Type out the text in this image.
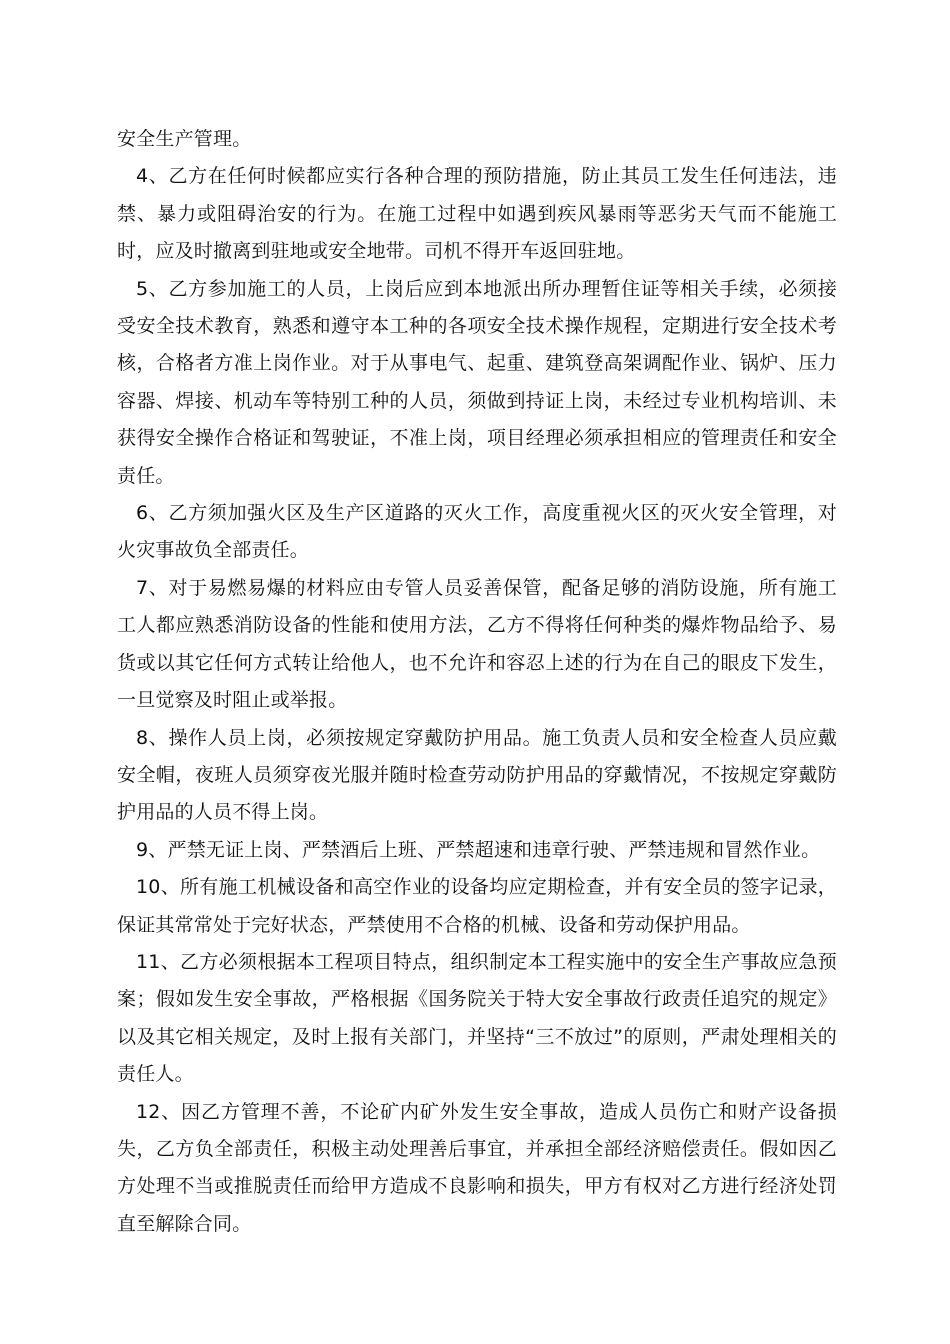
安全生产管理。

4、乙方在任何时候都应实行各种合理的预防措施，防止其员工发生任何违法，违禁、暴力或阻碍治安的行为。在施工过程中如遇到疾风暴雨等恶劣天气而不能施工时，应及时撤离到驻地或安全地带。司机不得开车返回驻地。

5、乙方参加施工的人员，上岗后应到本地派出所办理暂住证等相关手续，必须接受安全技术教育，熟悉和遵守本工种的各项安全技术操作规程，定期进行安全技术考核，合格者方准上岗作业。对于从事电气、起重、建筑登高架调配作业、锅炉、压力容器、焊接、机动车等特别工种的人员，须做到持证上岗，未经过专业机构培训、未获得安全操作合格证和驾驶证，不准上岗，项目经理必须承担相应的管理责任和安全责任。

6、乙方须加强火区及生产区道路的灭火工作，高度重视火区的灭火安全管理，对火灾事故负全部责任。

7、对于易燃易爆的材料应由专管人员妥善保管，配备足够的消防设施，所有施工工人都应熟悉消防设备的性能和使用方法，乙方不得将任何种类的爆炸物品给予、易货或以其它任何方式转让给他人，也不允许和容忍上述的行为在自己的眼皮下发生，一旦觉察及时阻止或举报。

8、操作人员上岗，必须按规定穿戴防护用品。施工负责人员和安全检查人员应戴安全帽，夜班人员须穿夜光服并随时检查劳动防护用品的穿戴情况，不按规定穿戴防护用品的人员不得上岗。

9、严禁无证上岗、严禁酒后上班、严禁超速和违章行驶、严禁违规和冒然作业。

10、所有施工机械设备和高空作业的设备均应定期检查，并有安全员的签字记录，保证其常常处于完好状态，严禁使用不合格的机械、设备和劳动保护用品。

11、乙方必须根据本工程项目特点，组织制定本工程实施中的安全生产事故应急预案；假如发生安全事故，严格根据《国务院关于特大安全事故行政责任追究的规定》以及其它相关规定，及时上报有关部门，并坚持“三不放过”的原则，严肃处理相关的责任人。

12、因乙方管理不善，不论矿内矿外发生安全事故，造成人员伤亡和财产设备损失，乙方负全部责任，积极主动处理善后事宜，并承担全部经济赔偿责任。假如因乙方处理不当或推脱责任而给甲方造成不良影响和损失，甲方有权对乙方进行经济处罚直至解除合同。
